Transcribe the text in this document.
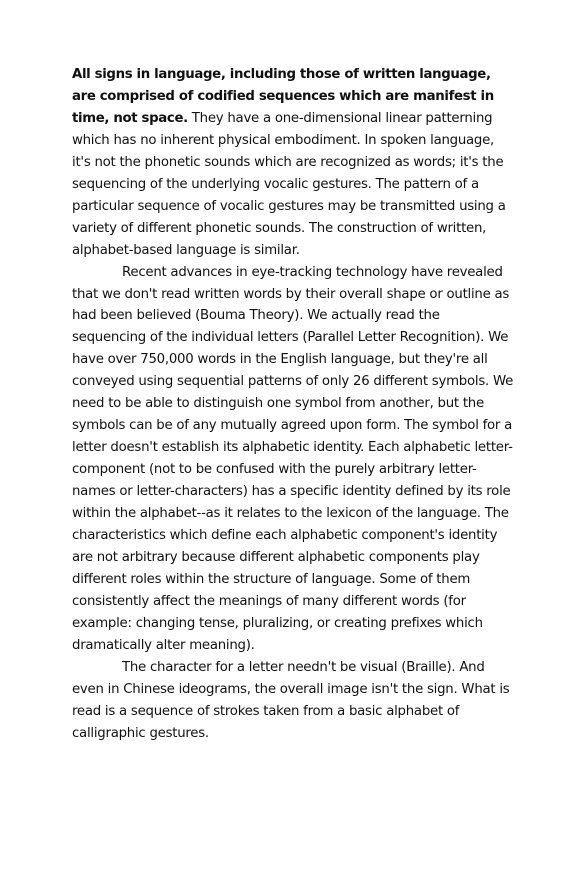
All signs in language, including those of written language, are comprised of codified sequences which are manifest in time, not space. They have a one-dimensional linear patterning which has no inherent physical embodiment. In spoken language, it's not the phonetic sounds which are recognized as words; it's the sequencing of the underlying vocalic gestures. The pattern of a particular sequence of vocalic gestures may be transmitted using a variety of different phonetic sounds. The construction of written, alphabet-based language is similar.

Recent advances in eye-tracking technology have revealed that we don't read written words by their overall shape or outline as had been believed (Bouma Theory). We actually read the sequencing of the individual letters (Parallel Letter Recognition). We have over 750,000 words in the English language, but they're all conveyed using sequential patterns of only 26 different symbols. We need to be able to distinguish one symbol from another, but the symbols can be of any mutually agreed upon form. The symbol for a letter doesn't establish its alphabetic identity. Each alphabetic letter-component (not to be confused with the purely arbitrary letter-names or letter-characters) has a specific identity defined by its role within the alphabet--as it relates to the lexicon of the language. The characteristics which define each alphabetic component's identity are not arbitrary because different alphabetic components play different roles within the structure of language. Some of them consistently affect the meanings of many different words (for example: changing tense, pluralizing, or creating prefixes which dramatically alter meaning).

The character for a letter needn't be visual (Braille). And even in Chinese ideograms, the overall image isn't the sign. What is read is a sequence of strokes taken from a basic alphabet of calligraphic gestures.
